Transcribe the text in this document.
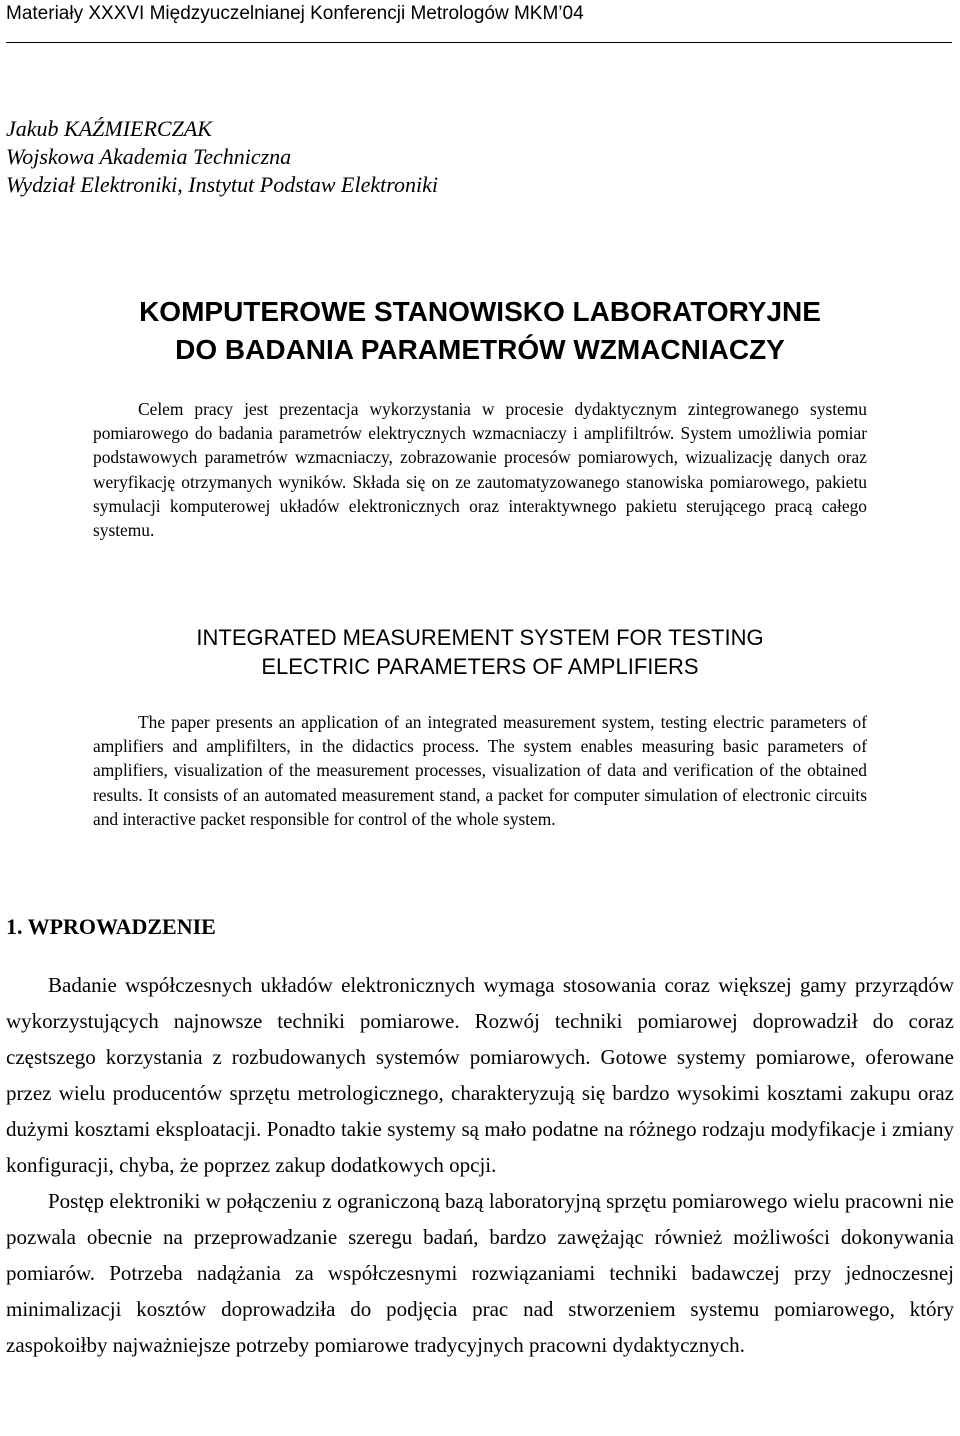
Materiały XXXVI Międzyuczelnianej Konferencji Metrologów MKM’04
Jakub KAŹMIERCZAK
Wojskowa Akademia Techniczna
Wydział Elektroniki, Instytut Podstaw Elektroniki
KOMPUTEROWE STANOWISKO LABORATORYJNE
DO BADANIA PARAMETRÓW WZMACNIACZY

Celem pracy jest prezentacja wykorzystania w procesie dydaktycznym zintegrowanego systemu pomiarowego do badania parametrów elektrycznych wzmacniaczy i amplifiltrów. System umożliwia pomiar podstawowych parametrów wzmacniaczy, zobrazowanie procesów pomiarowych, wizualizację danych oraz weryfikację otrzymanych wyników. Składa się on ze zautomatyzowanego stanowiska pomiarowego, pakietu symulacji komputerowej układów elektronicznych oraz interaktywnego pakietu sterującego pracą całego systemu.

INTEGRATED MEASUREMENT SYSTEM FOR TESTING
ELECTRIC PARAMETERS OF AMPLIFIERS

The paper presents an application of an integrated measurement system, testing electric parameters of amplifiers and amplifilters, in the didactics process. The system enables measuring basic parameters of amplifiers, visualization of the measurement processes, visualization of data and verification of the obtained results. It consists of an automated measurement stand, a packet for computer simulation of electronic circuits and interactive packet responsible for control of the whole system.

1. WPROWADZENIE

Badanie współczesnych układów elektronicznych wymaga stosowania coraz większej gamy przyrządów wykorzystujących najnowsze techniki pomiarowe. Rozwój techniki pomiarowej doprowadził do coraz częstszego korzystania z rozbudowanych systemów pomiarowych. Gotowe systemy pomiarowe, oferowane przez wielu producentów sprzętu metrologicznego, charakteryzują się bardzo wysokimi kosztami zakupu oraz dużymi kosztami eksploatacji. Ponadto takie systemy są mało podatne na różnego rodzaju modyfikacje i zmiany konfiguracji, chyba, że poprzez zakup dodatkowych opcji.

Postęp elektroniki w połączeniu z ograniczoną bazą laboratoryjną sprzętu pomiarowego wielu pracowni nie pozwala obecnie na przeprowadzanie szeregu badań, bardzo zawężając również możliwości dokonywania pomiarów. Potrzeba nadążania za współczesnymi rozwiązaniami techniki badawczej przy jednoczesnej minimalizacji kosztów doprowadziła do podjęcia prac nad stworzeniem systemu pomiarowego, który zaspokoiłby najważniejsze potrzeby pomiarowe tradycyjnych pracowni dydaktycznych.
